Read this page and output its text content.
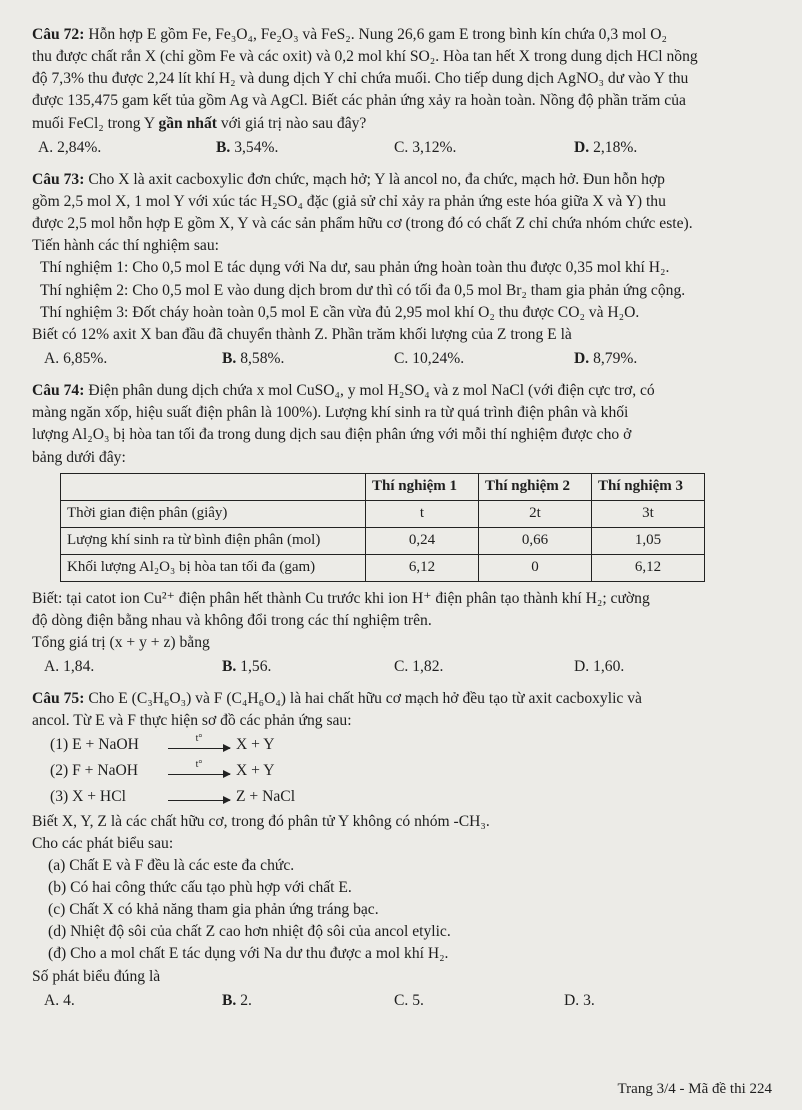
Câu 72: Hỗn hợp E gồm Fe, Fe₃O₄, Fe₂O₃ và FeS₂. Nung 26,6 gam E trong bình kín chứa 0,3 mol O₂

thu được chất rắn X (chỉ gồm Fe và các oxit) và 0,2 mol khí SO₂. Hòa tan hết X trong dung dịch HCl nồng

độ 7,3% thu được 2,24 lít khí H₂ và dung dịch Y chỉ chứa muối. Cho tiếp dung dịch AgNO₃ dư vào Y thu

được 135,475 gam kết tủa gồm Ag và AgCl. Biết các phản ứng xảy ra hoàn toàn. Nồng độ phần trăm của

muối FeCl₂ trong Y gần nhất với giá trị nào sau đây?

A. 2,84%.	B. 3,54%.	C. 3,12%.	D. 2,18%.

Câu 73: Cho X là axit cacboxylic đơn chức, mạch hở; Y là ancol no, đa chức, mạch hở. Đun hỗn hợp

gồm 2,5 mol X, 1 mol Y với xúc tác H₂SO₄ đặc (giả sử chỉ xảy ra phản ứng este hóa giữa X và Y) thu

được 2,5 mol hỗn hợp E gồm X, Y và các sản phẩm hữu cơ (trong đó có chất Z chỉ chứa nhóm chức este).

Tiến hành các thí nghiệm sau:

Thí nghiệm 1: Cho 0,5 mol E tác dụng với Na dư, sau phản ứng hoàn toàn thu được 0,35 mol khí H₂.

Thí nghiệm 2: Cho 0,5 mol E vào dung dịch brom dư thì có tối đa 0,5 mol Br₂ tham gia phản ứng cộng.

Thí nghiệm 3: Đốt cháy hoàn toàn 0,5 mol E cần vừa đủ 2,95 mol khí O₂ thu được CO₂ và H₂O.

Biết có 12% axit X ban đầu đã chuyển thành Z. Phần trăm khối lượng của Z trong E là

A. 6,85%.	B. 8,58%.	C. 10,24%.	D. 8,79%.

Câu 74: Điện phân dung dịch chứa x mol CuSO₄, y mol H₂SO₄ và z mol NaCl (với điện cực trơ, có

màng ngăn xốp, hiệu suất điện phân là 100%). Lượng khí sinh ra từ quá trình điện phân và khối

lượng Al₂O₃ bị hòa tan tối đa trong dung dịch sau điện phân ứng với mỗi thí nghiệm được cho ở

bảng dưới đây:

	Thí nghiệm 1	Thí nghiệm 2	Thí nghiệm 3
Thời gian điện phân (giây)	t	2t	3t
Lượng khí sinh ra từ bình điện phân (mol)	0,24	0,66	1,05
Khối lượng Al₂O₃ bị hòa tan tối đa (gam)	6,12	0	6,12

Biết: tại catot ion Cu²⁺ điện phân hết thành Cu trước khi ion H⁺ điện phân tạo thành khí H₂; cường

độ dòng điện bằng nhau và không đổi trong các thí nghiệm trên.

Tổng giá trị (x + y + z) bằng

A. 1,84.	B. 1,56.	C. 1,82.	D. 1,60.

Câu 75: Cho E (C₃H₆O₃) và F (C₄H₆O₄) là hai chất hữu cơ mạch hở đều tạo từ axit cacboxylic và

ancol. Từ E và F thực hiện sơ đồ các phản ứng sau:

(1) E + NaOH	t°	X + Y
(2) F + NaOH	t°	X + Y
(3) X + HCl	→ Z + NaCl

Biết X, Y, Z là các chất hữu cơ, trong đó phân tử Y không có nhóm -CH₃.

Cho các phát biểu sau:

(a) Chất E và F đều là các este đa chức.

(b) Có hai công thức cấu tạo phù hợp với chất E.

(c) Chất X có khả năng tham gia phản ứng tráng bạc.

(d) Nhiệt độ sôi của chất Z cao hơn nhiệt độ sôi của ancol etylic.

(đ) Cho a mol chất E tác dụng với Na dư thu được a mol khí H₂.

Số phát biểu đúng là

A. 4.	B. 2.	C. 5.	D. 3.
Trang 3/4 - Mã đề thi 224
